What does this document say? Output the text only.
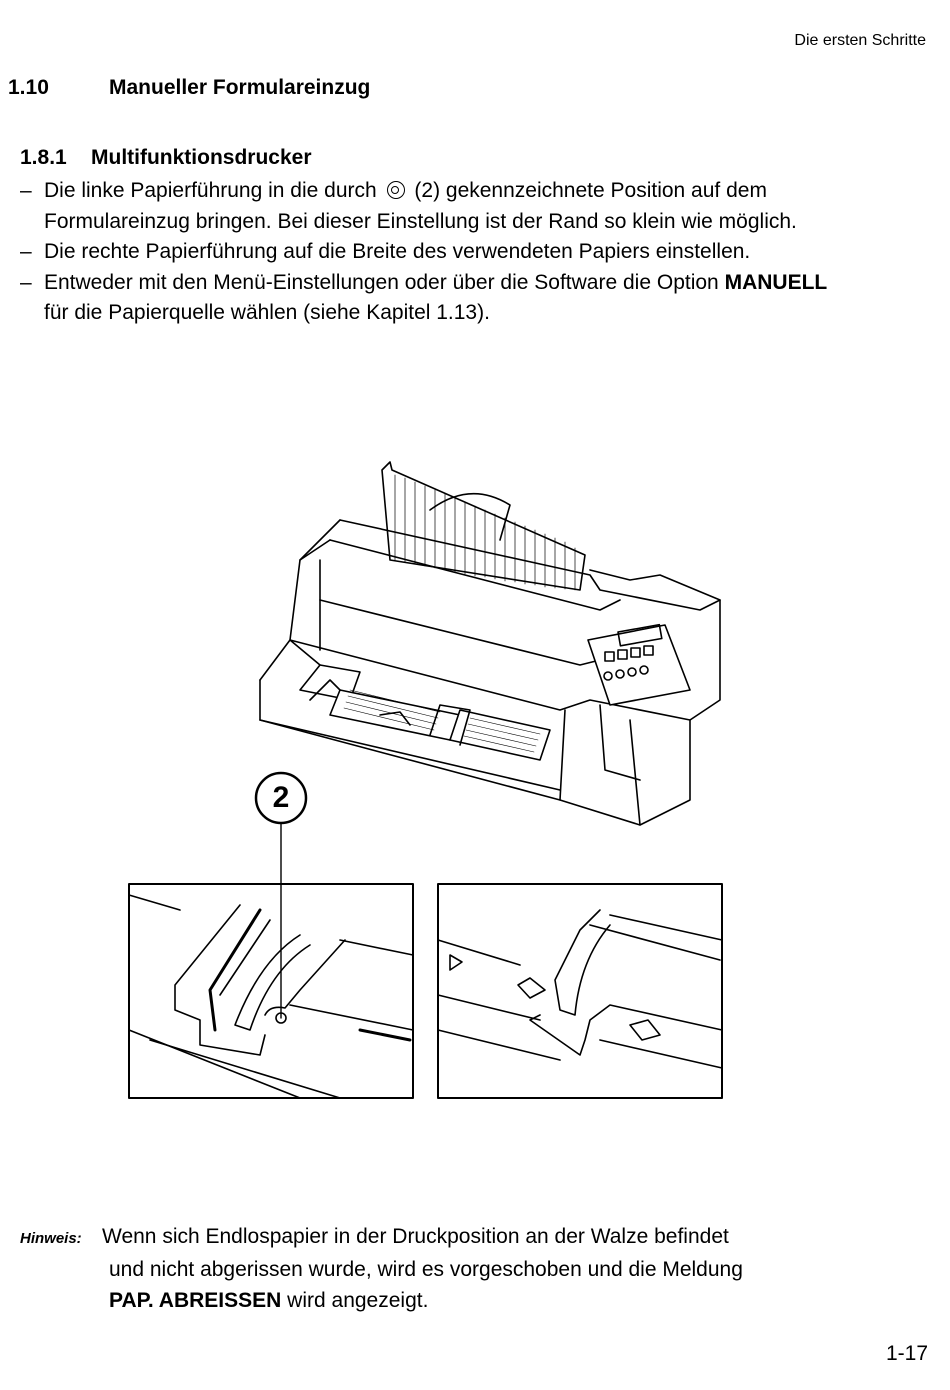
Die ersten Schritte
1.10	Manueller Formulareinzug
1.8.1 Multifunktionsdrucker
– Die linke Papierführung in die durch (2) gekennzeichnete Position auf dem Formulareinzug bringen. Bei dieser Einstellung ist der Rand so klein wie möglich.
– Die rechte Papierführung auf die Breite des verwendeten Papiers einstellen.
– Entweder mit den Menü-Einstellungen oder über die Software die Option MANUELL für die Papierquelle wählen (siehe Kapitel 1.13).
2
Hinweis: Wenn sich Endlospapier in der Druckposition an der Walze befindet
und nicht abgerissen wurde, wird es vorgeschoben und die Meldung
PAP. ABREISSEN wird angezeigt.
1-17
